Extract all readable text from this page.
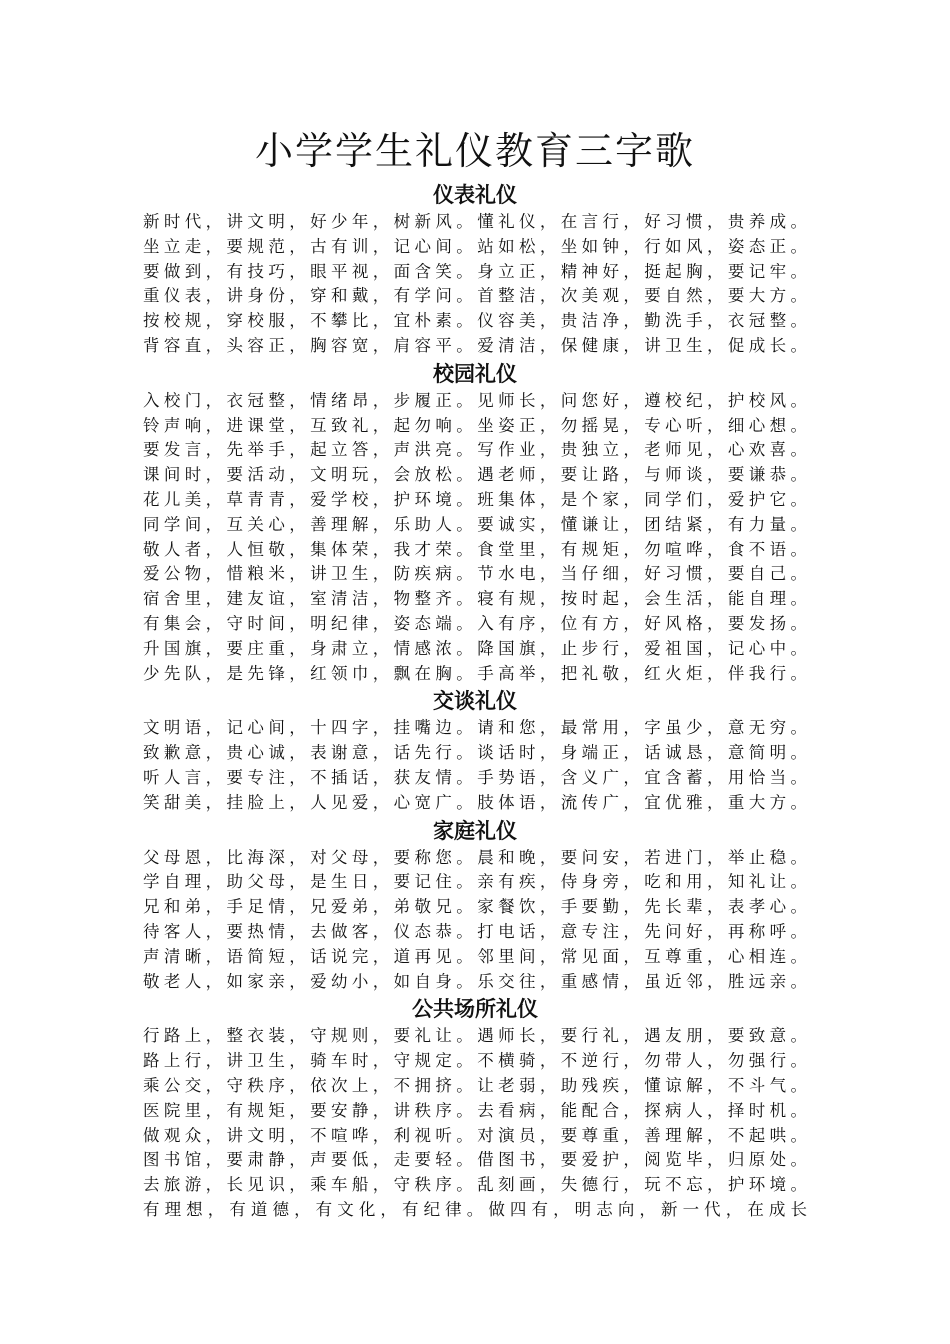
小学学生礼仪教育三字歌
仪表礼仪
新时代，讲文明，好少年，树新风。懂礼仪，在言行，好习惯，贵养成。
坐立走，要规范，古有训，记心间。站如松，坐如钟，行如风，姿态正。
要做到，有技巧，眼平视，面含笑。身立正，精神好，挺起胸，要记牢。
重仪表，讲身份，穿和戴，有学问。首整洁，次美观，要自然，要大方。
按校规，穿校服，不攀比，宜朴素。仪容美，贵洁净，勤洗手，衣冠整。
背容直，头容正，胸容宽，肩容平。爱清洁，保健康，讲卫生，促成长。
校园礼仪
入校门，衣冠整，情绪昂，步履正。见师长，问您好，遵校纪，护校风。
铃声响，进课堂，互致礼，起勿响。坐姿正，勿摇晃，专心听，细心想。
要发言，先举手，起立答，声洪亮。写作业，贵独立，老师见，心欢喜。
课间时，要活动，文明玩，会放松。遇老师，要让路，与师谈，要谦恭。
花儿美，草青青，爱学校，护环境。班集体，是个家，同学们，爱护它。
同学间，互关心，善理解，乐助人。要诚实，懂谦让，团结紧，有力量。
敬人者，人恒敬，集体荣，我才荣。食堂里，有规矩，勿喧哗，食不语。
爱公物，惜粮米，讲卫生，防疾病。节水电，当仔细，好习惯，要自己。
宿舍里，建友谊，室清洁，物整齐。寝有规，按时起，会生活，能自理。
有集会，守时间，明纪律，姿态端。入有序，位有方，好风格，要发扬。
升国旗，要庄重，身肃立，情感浓。降国旗，止步行，爱祖国，记心中。
少先队，是先锋，红领巾，飘在胸。手高举，把礼敬，红火炬，伴我行。
交谈礼仪
文明语，记心间，十四字，挂嘴边。请和您，最常用，字虽少，意无穷。
致歉意，贵心诚，表谢意，话先行。谈话时，身端正，话诚恳，意简明。
听人言，要专注，不插话，获友情。手势语，含义广，宜含蓄，用恰当。
笑甜美，挂脸上，人见爱，心宽广。肢体语，流传广，宜优雅，重大方。
家庭礼仪
父母恩，比海深，对父母，要称您。晨和晚，要问安，若进门，举止稳。
学自理，助父母，是生日，要记住。亲有疾，侍身旁，吃和用，知礼让。
兄和弟，手足情，兄爱弟，弟敬兄。家餐饮，手要勤，先长辈，表孝心。
待客人，要热情，去做客，仪态恭。打电话，意专注，先问好，再称呼。
声清晰，语简短，话说完，道再见。邻里间，常见面，互尊重，心相连。
敬老人，如家亲，爱幼小，如自身。乐交往，重感情，虽近邻，胜远亲。
公共场所礼仪
行路上，整衣装，守规则，要礼让。遇师长，要行礼，遇友朋，要致意。
路上行，讲卫生，骑车时，守规定。不横骑，不逆行，勿带人，勿强行。
乘公交，守秩序，依次上，不拥挤。让老弱，助残疾，懂谅解，不斗气。
医院里，有规矩，要安静，讲秩序。去看病，能配合，探病人，择时机。
做观众，讲文明，不喧哗，利视听。对演员，要尊重，善理解，不起哄。
图书馆，要肃静，声要低，走要轻。借图书，要爱护，阅览毕，归原处。
去旅游，长见识，乘车船，守秩序。乱刻画，失德行，玩不忘，护环境。
有理想，有道德，有文化，有纪律。做四有，明志向，新一代，在成长
